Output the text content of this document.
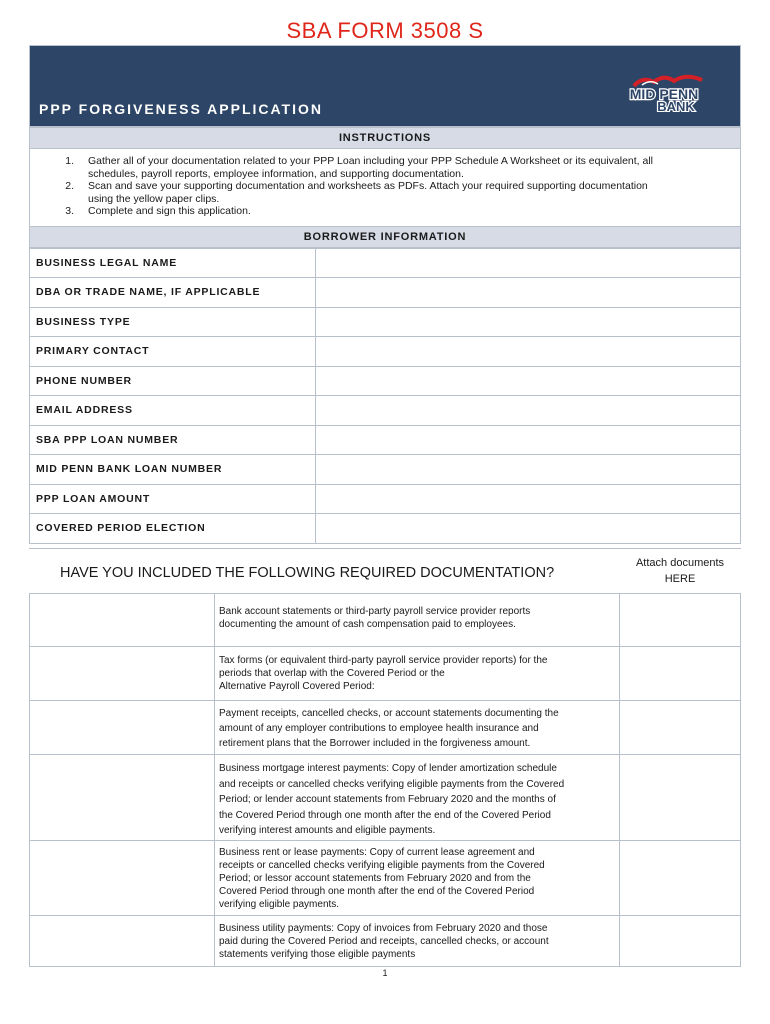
SBA FORM 3508 S
PPP FORGIVENESS APPLICATION
MID PENN
BANK
INSTRUCTIONS
1.	Gather all of your documentation related to your PPP Loan including your PPP Schedule A Worksheet or its equivalent, all
schedules, payroll reports, employee information, and supporting documentation.
2.	Scan and save your supporting documentation and worksheets as PDFs. Attach your required supporting documentation
using the yellow paper clips.
3.	Complete and sign this application.
BORROWER INFORMATION
BUSINESS LEGAL NAME	
DBA OR TRADE NAME, IF APPLICABLE	
BUSINESS TYPE	
PRIMARY CONTACT	
PHONE NUMBER	
EMAIL ADDRESS	
SBA PPP LOAN NUMBER	
MID PENN BANK LOAN NUMBER	
PPP LOAN AMOUNT	
COVERED PERIOD ELECTION	
HAVE YOU INCLUDED THE FOLLOWING REQUIRED DOCUMENTATION?
Attach documents
HERE
Bank account statements or third-party payroll service provider reports
documenting the amount of cash compensation paid to employees.
Tax forms (or equivalent third-party payroll service provider reports) for the
periods that overlap with the Covered Period or the
Alternative Payroll Covered Period:
Payment receipts, cancelled checks, or account statements documenting the
amount of any employer contributions to employee health insurance and
retirement plans that the Borrower included in the forgiveness amount.
Business mortgage interest payments: Copy of lender amortization schedule
and receipts or cancelled checks verifying eligible payments from the Covered
Period; or lender account statements from February 2020 and the months of
the Covered Period through one month after the end of the Covered Period
verifying interest amounts and eligible payments.
Business rent or lease payments: Copy of current lease agreement and
receipts or cancelled checks verifying eligible payments from the Covered
Period; or lessor account statements from February 2020 and from the
Covered Period through one month after the end of the Covered Period
verifying eligible payments.
Business utility payments: Copy of invoices from February 2020 and those
paid during the Covered Period and receipts, cancelled checks, or account
statements verifying those eligible payments
1
